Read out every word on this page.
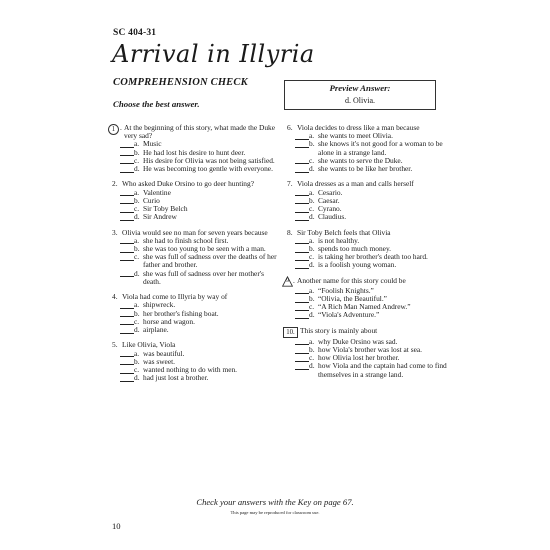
SC 404-31
Arrival in Illyria
COMPREHENSION CHECK
Choose the best answer.
Preview Answer:
d. Olivia.
1 . At the beginning of this story, what made the Duke very sad?
a. Music
b. He had lost his desire to hunt deer.
c. His desire for Olivia was not being satisfied.
d. He was becoming too gentle with everyone.
2. Who asked Duke Orsino to go deer hunting?
a. Valentine
b. Curio
c. Sir Toby Belch
d. Sir Andrew
3. Olivia would see no man for seven years because
a. she had to finish school first.
b. she was too young to be seen with a man.
c. she was full of sadness over the deaths of her father and brother.
d. she was full of sadness over her mother's death.
4. Viola had come to Illyria by way of
a. shipwreck.
b. her brother's fishing boat.
c. horse and wagon.
d. airplane.
5. Like Olivia, Viola
a. was beautiful.
b. was sweet.
c. wanted nothing to do with men.
d. had just lost a brother.
6. Viola decides to dress like a man because
a. she wants to meet Olivia.
b. she knows it's not good for a woman to be alone in a strange land.
c. she wants to serve the Duke.
d. she wants to be like her brother.
7. Viola dresses as a man and calls herself
a. Cesario.
b. Caesar.
c. Cyrano.
d. Claudius.
8. Sir Toby Belch feels that Olivia
a. is not healthy.
b. spends too much money.
c. is taking her brother's death too hard.
d. is a foolish young woman.
9 . Another name for this story could be
a. “Foolish Knights.”
b. “Olivia, the Beautiful.”
c. “A Rich Man Named Andrew.”
d. “Viola's Adventure.”
10. This story is mainly about
a. why Duke Orsino was sad.
b. how Viola's brother was lost at sea.
c. how Olivia lost her brother.
d. how Viola and the captain had come to find themselves in a strange land.
Check your answers with the Key on page 67.
This page may be reproduced for classroom use.
10
